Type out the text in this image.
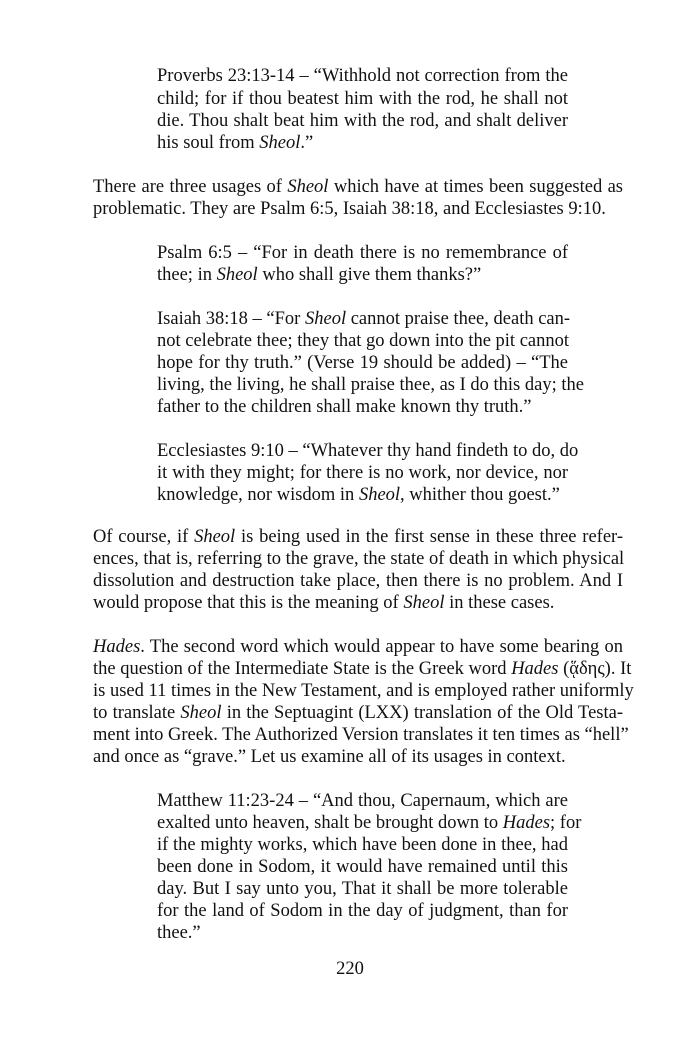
220
Proverbs 23:13-14 – “Withhold not correction from the
child; for if thou beatest him with the rod, he shall not
die. Thou shalt beat him with the rod, and shalt deliver
his soul from Sheol.”
There are three usages of Sheol which have at times been suggested as
problematic. They are Psalm 6:5, Isaiah 38:18, and Ecclesiastes 9:10.
Psalm 6:5 – “For in death there is no remembrance of
thee; in Sheol who shall give them thanks?”
Isaiah 38:18 – “For Sheol cannot praise thee, death can-
not celebrate thee; they that go down into the pit cannot
hope for thy truth.” (Verse 19 should be added) – “The
living, the living, he shall praise thee, as I do this day; the
father to the children shall make known thy truth.”
Ecclesiastes 9:10 – “Whatever thy hand findeth to do, do
it with they might; for there is no work, nor device, nor
knowledge, nor wisdom in Sheol, whither thou goest.”
Of course, if Sheol is being used in the first sense in these three refer-
ences, that is, referring to the grave, the state of death in which physical
dissolution and destruction take place, then there is no problem. And I
would propose that this is the meaning of Sheol in these cases.
Hades. The second word which would appear to have some bearing on
the question of the Intermediate State is the Greek word Hades (ᾅδης). It
is used 11 times in the New Testament, and is employed rather uniformly
to translate Sheol in the Septuagint (LXX) translation of the Old Testa-
ment into Greek. The Authorized Version translates it ten times as “hell”
and once as “grave.” Let us examine all of its usages in context.
Matthew 11:23-24 – “And thou, Capernaum, which are
exalted unto heaven, shalt be brought down to Hades; for
if the mighty works, which have been done in thee, had
been done in Sodom, it would have remained until this
day. But I say unto you, That it shall be more tolerable
for the land of Sodom in the day of judgment, than for
thee.”
